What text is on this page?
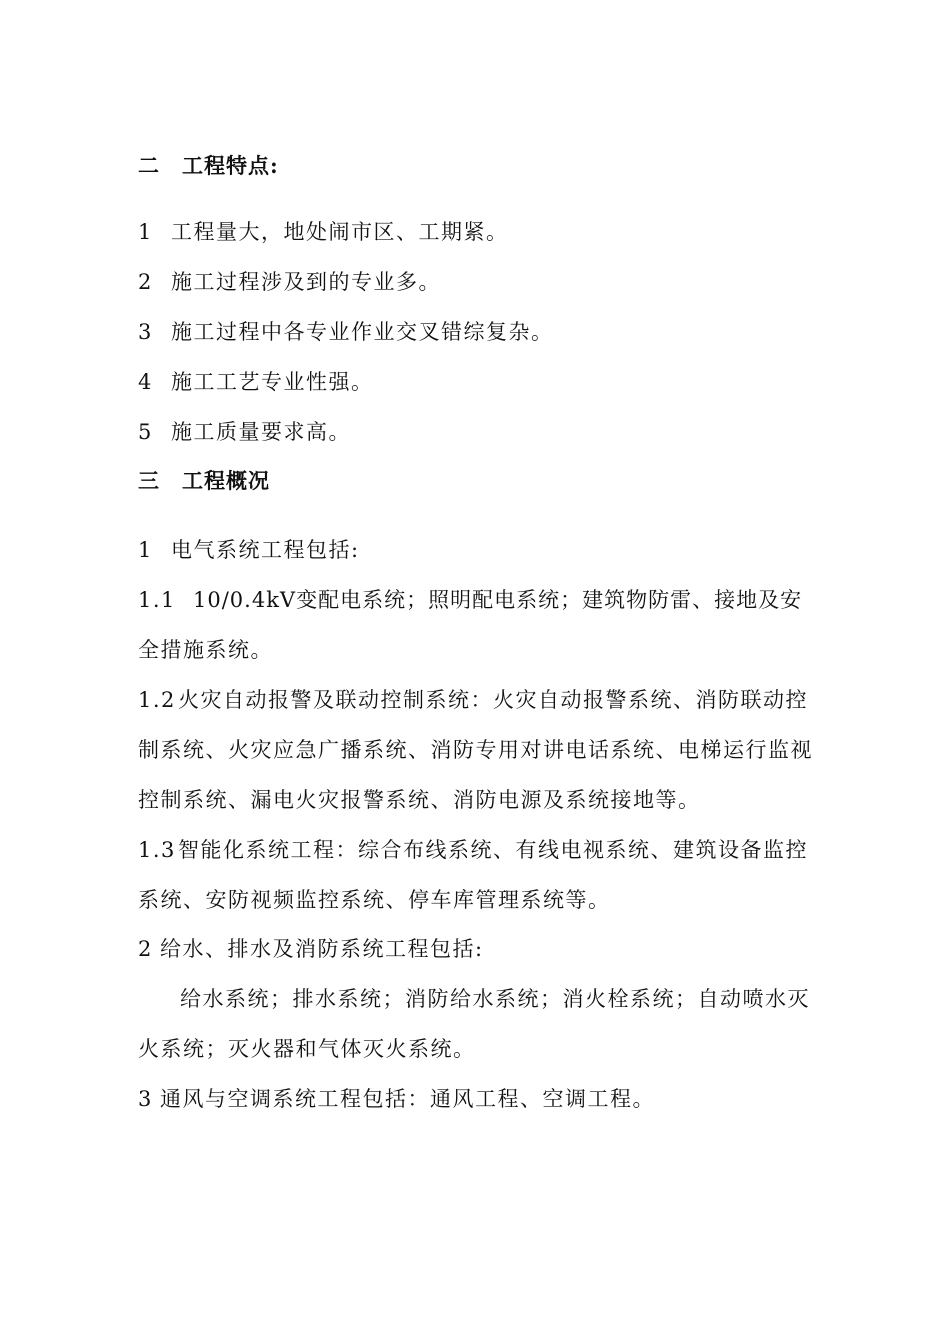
二 工程特点:
1 工程量大，地处闹市区、工期紧。
2 施工过程涉及到的专业多。
3 施工过程中各专业作业交叉错综复杂。
4 施工工艺专业性强。
5 施工质量要求高。
三 工程概况
1 电气系统工程包括:
1.1 10/0.4kV变配电系统；照明配电系统；建筑物防雷、接地及安
全措施系统。
1.2火灾自动报警及联动控制系统：火灾自动报警系统、消防联动控
制系统、火灾应急广播系统、消防专用对讲电话系统、电梯运行监视
控制系统、漏电火灾报警系统、消防电源及系统接地等。
1.3智能化系统工程：综合布线系统、有线电视系统、建筑设备监控
系统、安防视频监控系统、停车库管理系统等。
2 给水、排水及消防系统工程包括:
给水系统；排水系统；消防给水系统；消火栓系统；自动喷水灭
火系统；灭火器和气体灭火系统。
3 通风与空调系统工程包括：通风工程、空调工程。
